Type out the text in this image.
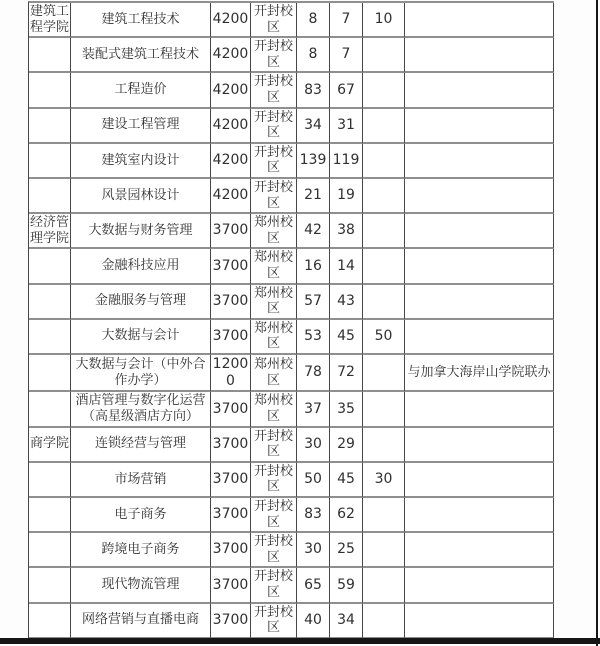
建筑工程学院	建筑工程技术	4200	开封校区	8	7	10	
	装配式建筑工程技术	4200	开封校区	8	7		
	工程造价	4200	开封校区	83	67		
	建设工程管理	4200	开封校区	34	31		
	建筑室内设计	4200	开封校区	139	119		
	风景园林设计	4200	开封校区	21	19		
经济管理学院	大数据与财务管理	3700	郑州校区	42	38		
	金融科技应用	3700	郑州校区	16	14		
	金融服务与管理	3700	郑州校区	57	43		
	大数据与会计	3700	郑州校区	53	45	50	
	大数据与会计（中外合作办学）	12000	郑州校区	78	72		与加拿大海岸山学院联办
	酒店管理与数字化运营（高星级酒店方向）	3700	郑州校区	37	35		
商学院	连锁经营与管理	3700	开封校区	30	29		
	市场营销	3700	开封校区	50	45	30	
	电子商务	3700	开封校区	83	62		
	跨境电子商务	3700	开封校区	30	25		
	现代物流管理	3700	开封校区	65	59		
	网络营销与直播电商	3700	开封校区	40	34		
